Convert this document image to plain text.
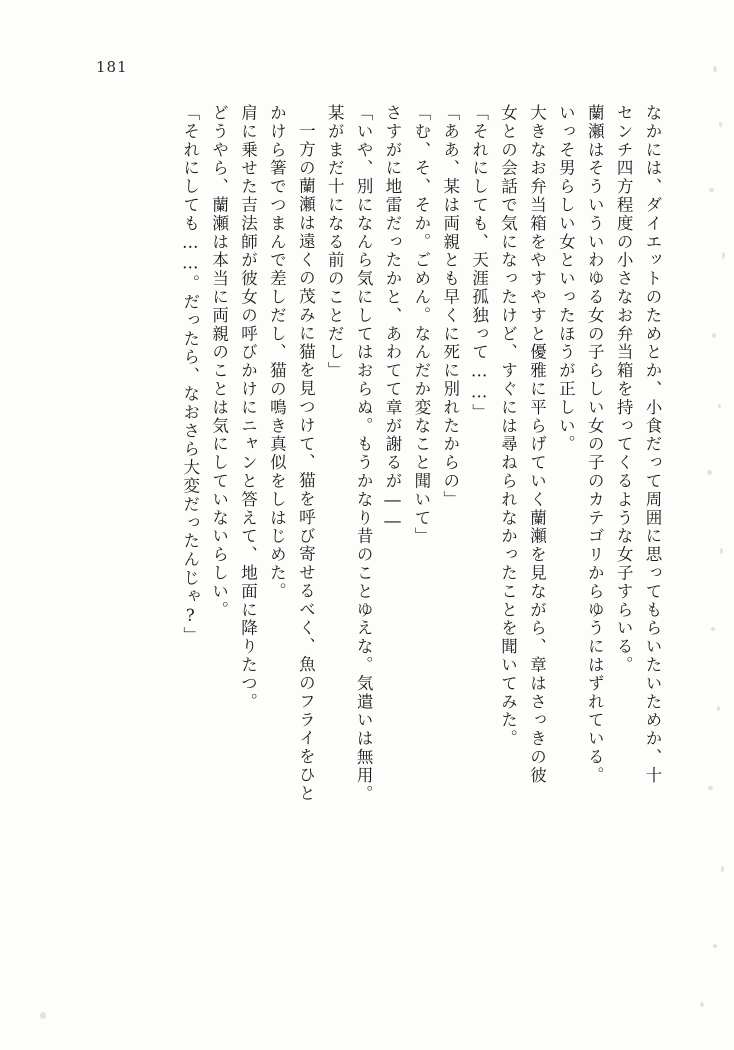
181
なかには、ダイエットのためとか、小食だって周囲に思ってもらいたいためか、十
センチ四方程度の小さなお弁当箱を持ってくるような女子すらいる。
蘭瀬はそういういわゆる女の子らしい女の子のカテゴリからゆうにはずれている。
いっそ男らしい女といったほうが正しい。
大きなお弁当箱をやすやすと優雅に平らげていく蘭瀬を見ながら、章はさっきの彼
女との会話で気になったけど、すぐには尋ねられなかったことを聞いてみた。
「それにしても、天涯孤独って……」
「ああ、某は両親とも早くに死に別れたからの」
「む、そ、そか。ごめん。なんだか変なこと聞いて」
さすがに地雷だったかと、あわてて章が謝るが――
「いや、別になんら気にしてはおらぬ。もうかなり昔のことゆえな。気遣いは無用。
某がまだ十になる前のことだし」
一方の蘭瀬は遠くの茂みに猫を見つけて、猫を呼び寄せるべく、魚のフライをひと
かけら箸でつまんで差しだし、猫の鳴き真似をしはじめた。
肩に乗せた吉法師が彼女の呼びかけにニャンと答えて、地面に降りたつ。
どうやら、蘭瀬は本当に両親のことは気にしていないらしい。
「それにしても……。だったら、なおさら大変だったんじゃ?」
